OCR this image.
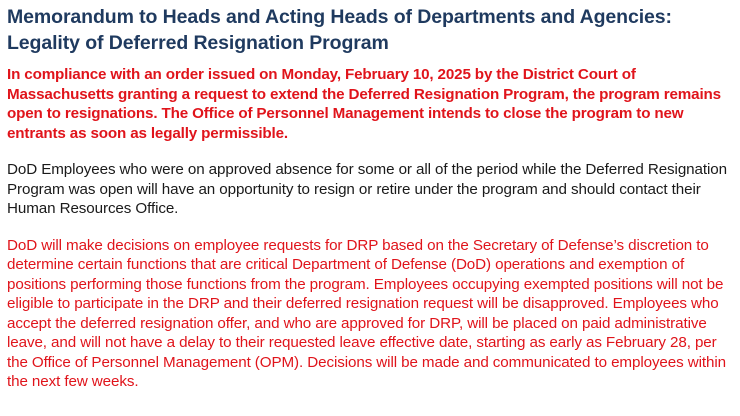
Memorandum to Heads and Acting Heads of Departments and Agencies: Legality of Deferred Resignation Program

In compliance with an order issued on Monday, February 10, 2025 by the District Court of Massachusetts granting a request to extend the Deferred Resignation Program, the program remains open to resignations. The Office of Personnel Management intends to close the program to new entrants as soon as legally permissible.

DoD Employees who were on approved absence for some or all of the period while the Deferred Resignation Program was open will have an opportunity to resign or retire under the program and should contact their Human Resources Office.

DoD will make decisions on employee requests for DRP based on the Secretary of Defense’s discretion to determine certain functions that are critical Department of Defense (DoD) operations and exemption of positions performing those functions from the program. Employees occupying exempted positions will not be eligible to participate in the DRP and their deferred resignation request will be disapproved. Employees who accept the deferred resignation offer, and who are approved for DRP, will be placed on paid administrative leave, and will not have a delay to their requested leave effective date, starting as early as February 28, per the Office of Personnel Management (OPM). Decisions will be made and communicated to employees within the next few weeks.
